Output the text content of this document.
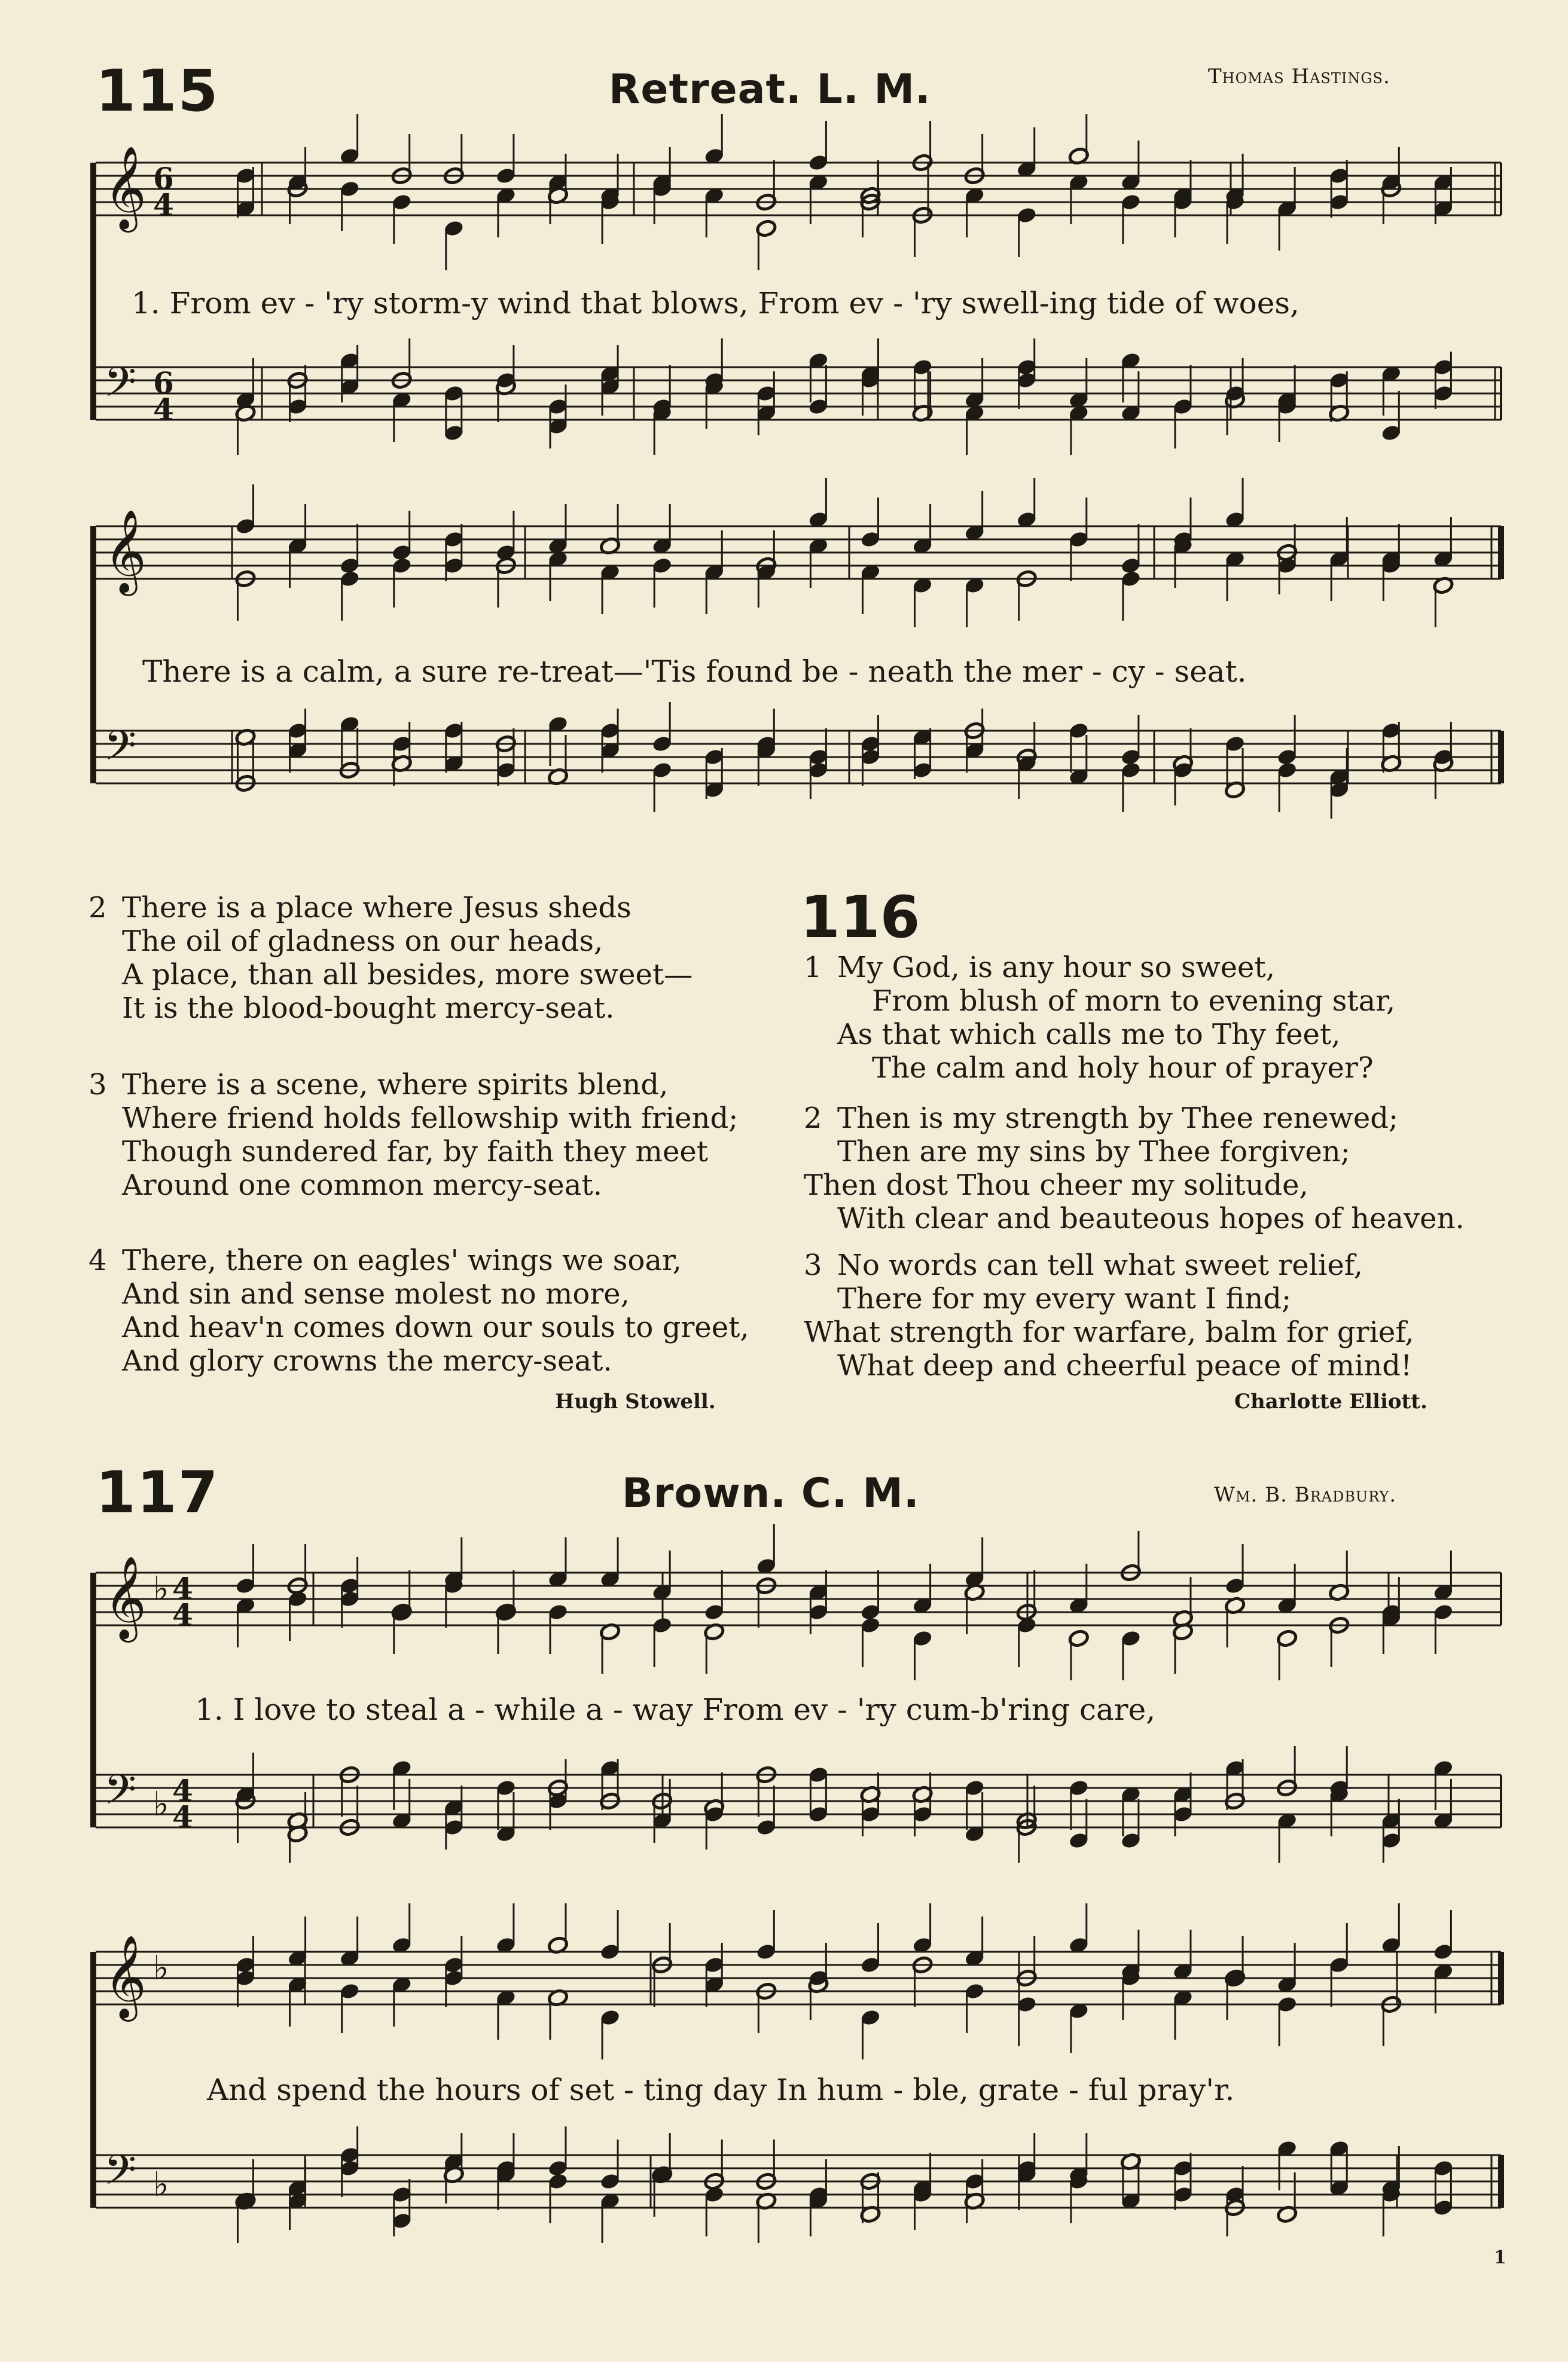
115	Retreat. L. M.	Thomas Hastings.
𝄞 6
4
𝄢 6
4
𝄞
𝄢
𝄞 ♭ 4
4
𝄢 ♭ 4
4
𝄞 ♭
𝄢 ♭
1. From ev - 'ry storm-y wind that blows, From ev - 'ry swell-ing tide of woes,
There is a calm, a sure re-treat—'Tis found be - neath the mer - cy - seat.
2 There is a place where Jesus sheds
The oil of gladness on our heads,
A place, than all besides, more sweet—
It is the blood-bought mercy-seat.
3 There is a scene, where spirits blend,
Where friend holds fellowship with friend;
Though sundered far, by faith they meet
Around one common mercy-seat.
4 There, there on eagles' wings we soar,
And sin and sense molest no more,
And heav'n comes down our souls to greet,
And glory crowns the mercy-seat.
Hugh Stowell.
116
1 My God, is any hour so sweet,
From blush of morn to evening star,
As that which calls me to Thy feet,
The calm and holy hour of prayer?
2 Then is my strength by Thee renewed;
Then are my sins by Thee forgiven;
Then dost Thou cheer my solitude,
With clear and beauteous hopes of heaven.
3 No words can tell what sweet relief,
There for my every want I find;
What strength for warfare, balm for grief,
What deep and cheerful peace of mind!
Charlotte Elliott.
117	Brown. C. M.	Wm. B. Bradbury.
1. I love to steal a - while a - way From ev - 'ry cum-b'ring care,
And spend the hours of set - ting day In hum - ble, grate - ful pray'r.
1
